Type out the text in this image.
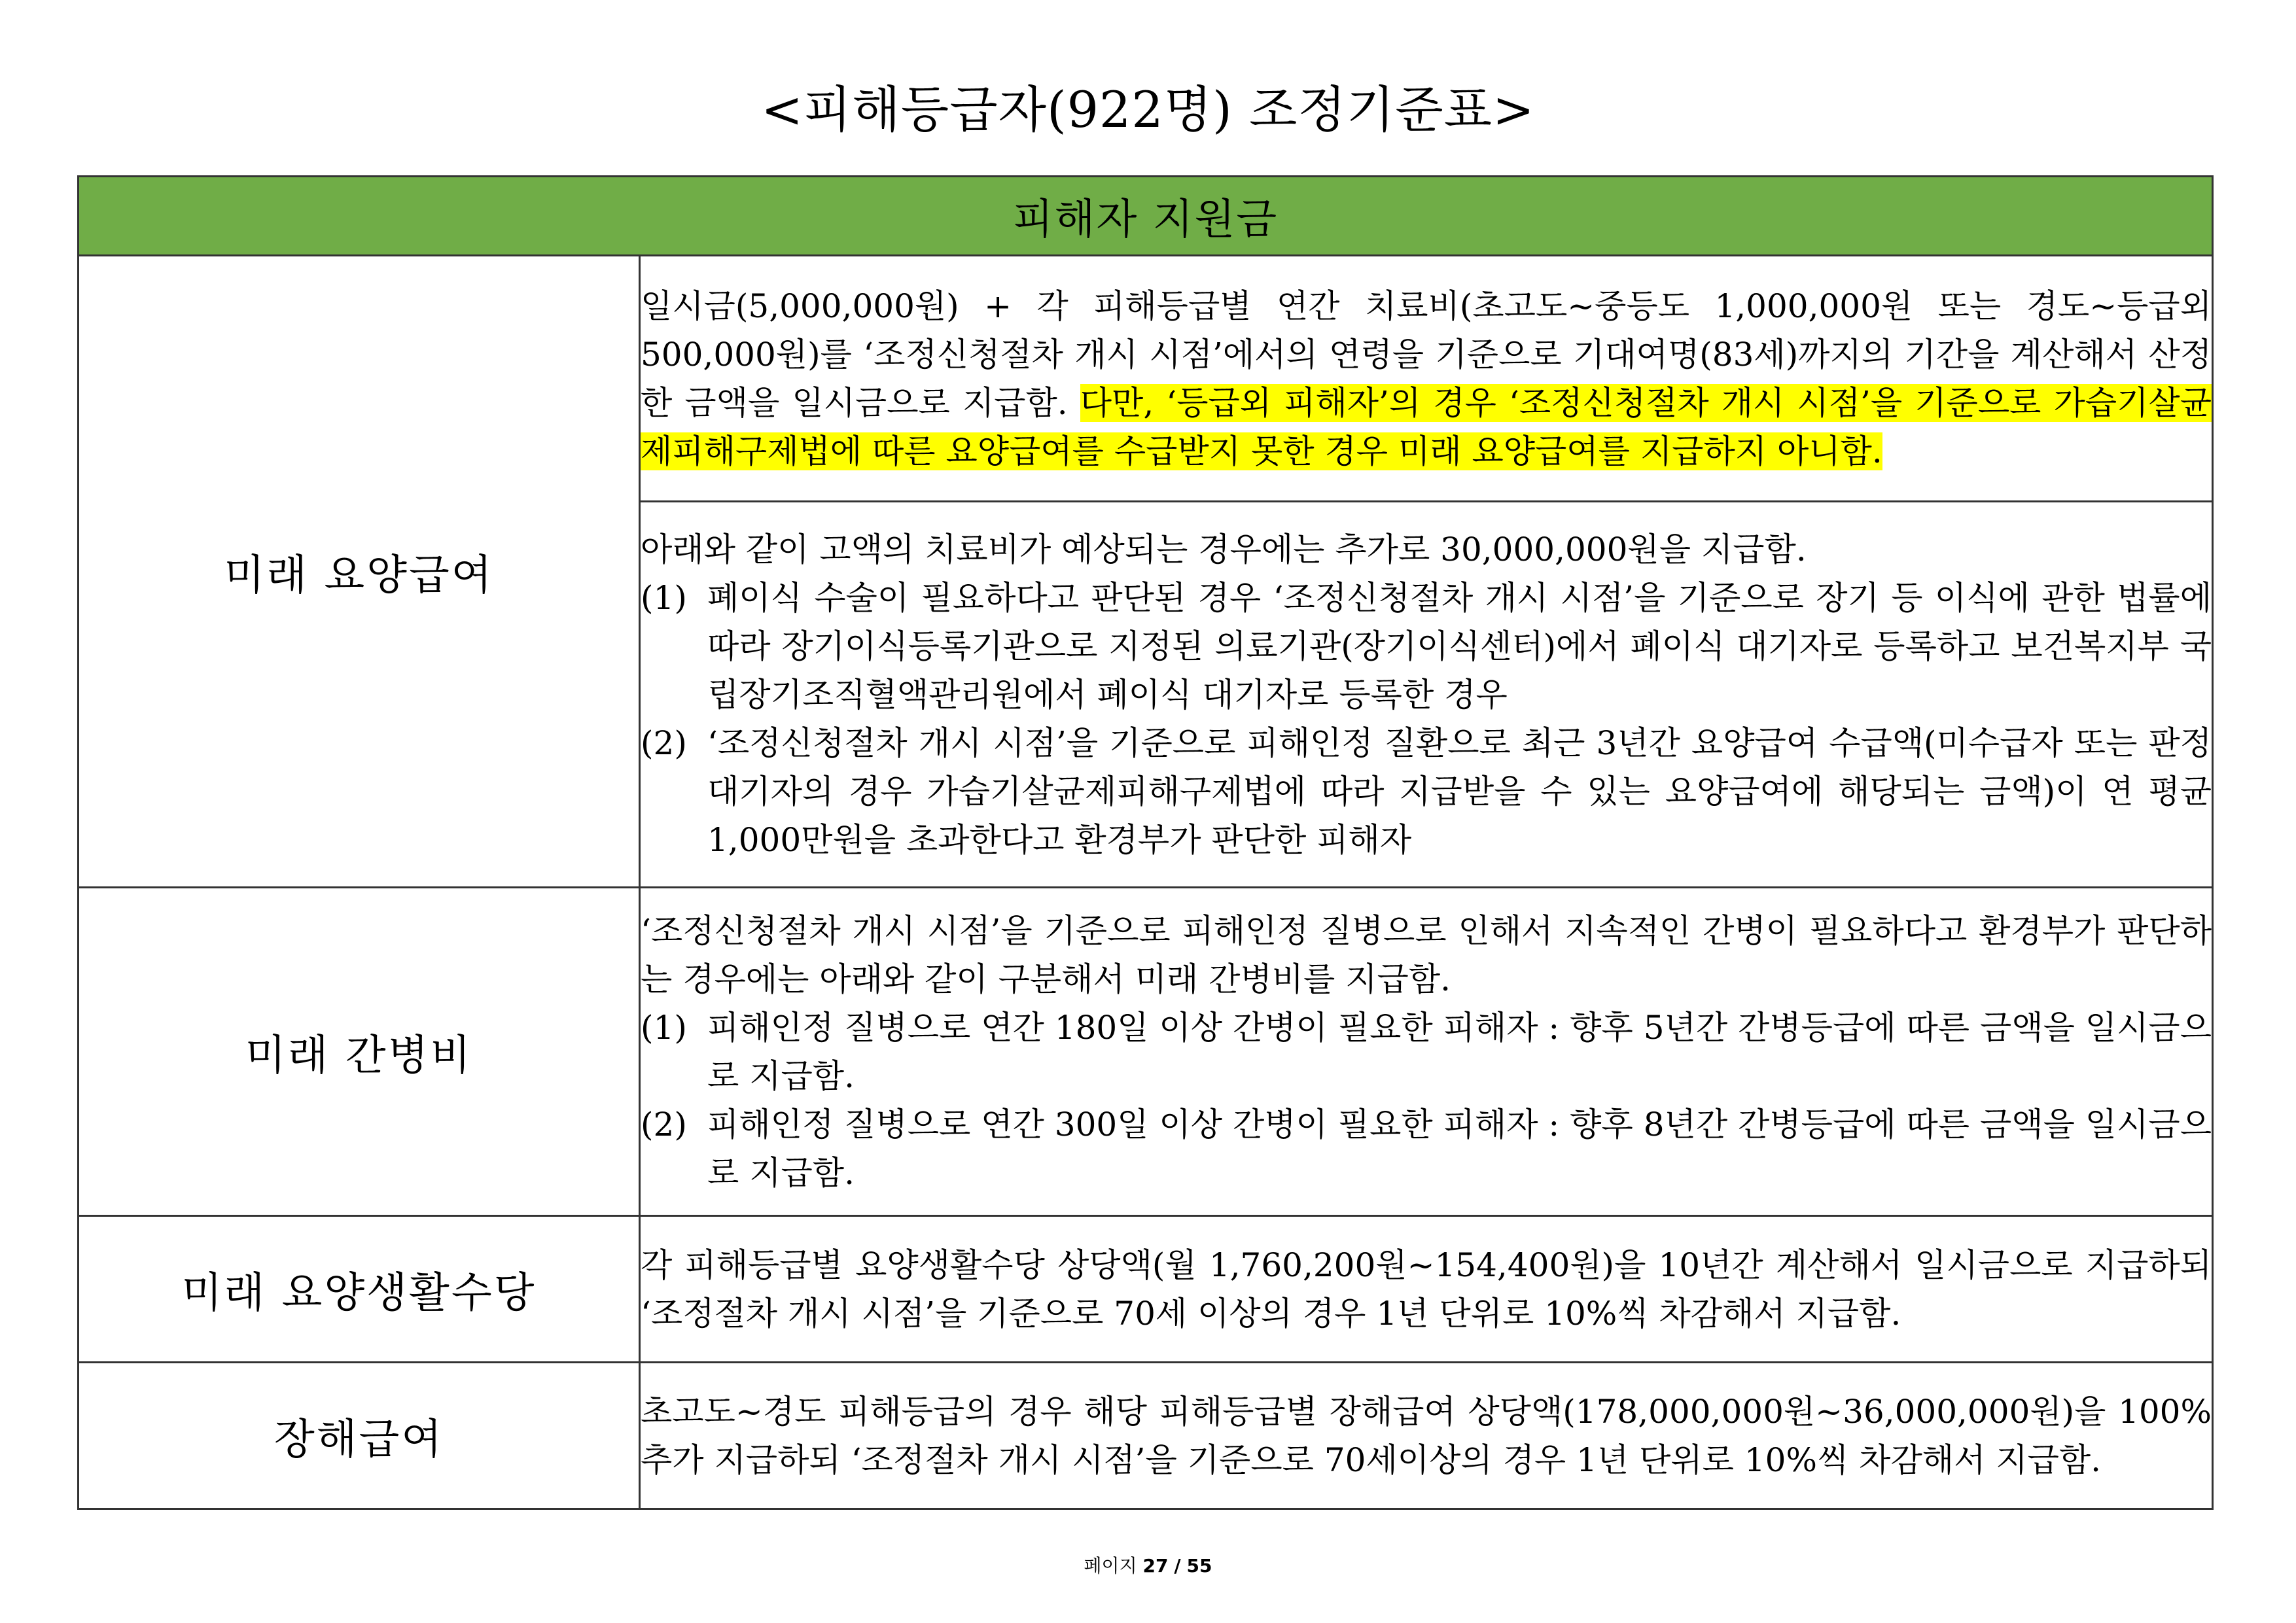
<피해등급자(922명) 조정기준표>
피해자 지원금	
미래 요양급여	일시금(5,000,000원) + 각 피해등급별 연간 치료비(초고도~중등도 1,000,000원 또는 경도~등급외 500,000원)를 ‘조정신청절차 개시 시점’에서의 연령을 기준으로 기대여명(83세)까지의 기간을 계산해서 산정한 금액을 일시금으로 지급함. 다만, ‘등급외 피해자’의 경우 ‘조정신청절차 개시 시점’을 기준으로 가습기살균제피해구제법에 따른 요양급여를 수급받지 못한 경우 미래 요양급여를 지급하지 아니함.

	아래와 같이 고액의 치료비가 예상되는 경우에는 추가로 30,000,000원을 지급함.

(1) 폐이식 수술이 필요하다고 판단된 경우 ‘조정신청절차 개시 시점’을 기준으로 장기 등 이식에 관한 법률에 따라 장기이식등록기관으로 지정된 의료기관(장기이식센터)에서 폐이식 대기자로 등록하고 보건복지부 국립장기조직혈액관리원에서 폐이식 대기자로 등록한 경우
(2) ‘조정신청절차 개시 시점’을 기준으로 피해인정 질환으로 최근 3년간 요양급여 수급액(미수급자 또는 판정대기자의 경우 가습기살균제피해구제법에 따라 지급받을 수 있는 요양급여에 해당되는 금액)이 연 평균 1,000만원을 초과한다고 환경부가 판단한 피해자

미래 간병비	‘조정신청절차 개시 시점’을 기준으로 피해인정 질병으로 인해서 지속적인 간병이 필요하다고 환경부가 판단하는 경우에는 아래와 같이 구분해서 미래 간병비를 지급함.

(1) 피해인정 질병으로 연간 180일 이상 간병이 필요한 피해자 : 향후 5년간 간병등급에 따른 금액을 일시금으로 지급함.
(2) 피해인정 질병으로 연간 300일 이상 간병이 필요한 피해자 : 향후 8년간 간병등급에 따른 금액을 일시금으로 지급함.

미래 요양생활수당	각 피해등급별 요양생활수당 상당액(월 1,760,200원~154,400원)을 10년간 계산해서 일시금으로 지급하되 ‘조정절차 개시 시점’을 기준으로 70세 이상의 경우 1년 단위로 10%씩 차감해서 지급함.

장해급여	초고도~경도 피해등급의 경우 해당 피해등급별 장해급여 상당액(178,000,000원~36,000,000원)을 100% 추가 지급하되 ‘조정절차 개시 시점’을 기준으로 70세이상의 경우 1년 단위로 10%씩 차감해서 지급함.

페이지 27 / 55
